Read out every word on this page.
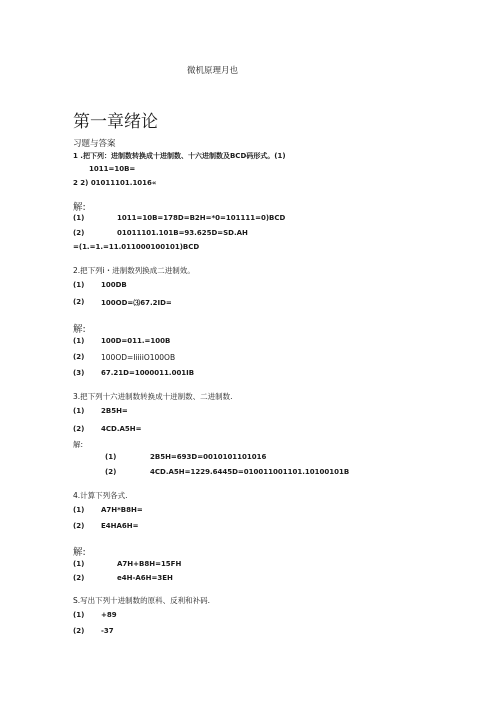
微机原理月也
第一章绪论
习题与答案
1 .把下列：进制数转换成十进制数、十六进制数及BCD码形式。(1)
1011=10B=
2 2) 01011101.1016«
解:
(1)	1011=10B=178D=B2H=*0=101111=0)BCD
(2)	01011101.101B=93.625D=SD.AH
=(1.=1.=11.011000100101)BCD
2.把下列i・进制数列换成二进制效。
(1) 100DB
(2) 100OD=⑶67.2ID=
解:
(1) 100D=011.=100B
(2) 100OD=IiiiiO100OB
(3) 67.21D=1000011.001IB
3.把下列十六进制数转换成十迸制数、二进制数.
(1) 2B5H=
(2) 4CD.A5H=
解:
(1)	2B5H=693D=0010101101016
(2)	4CD.A5H=1229.6445D=010011001101.10100101B
4.计算下列各式.
(1) A7H*B8H=
(2) E4HA6H=
解:
(1)	A7H+B8H=15FH
(2)	e4H-A6H=3EH
S.写出下列十进制数的原科、反利和补码.
(1) +89
(2) -37
